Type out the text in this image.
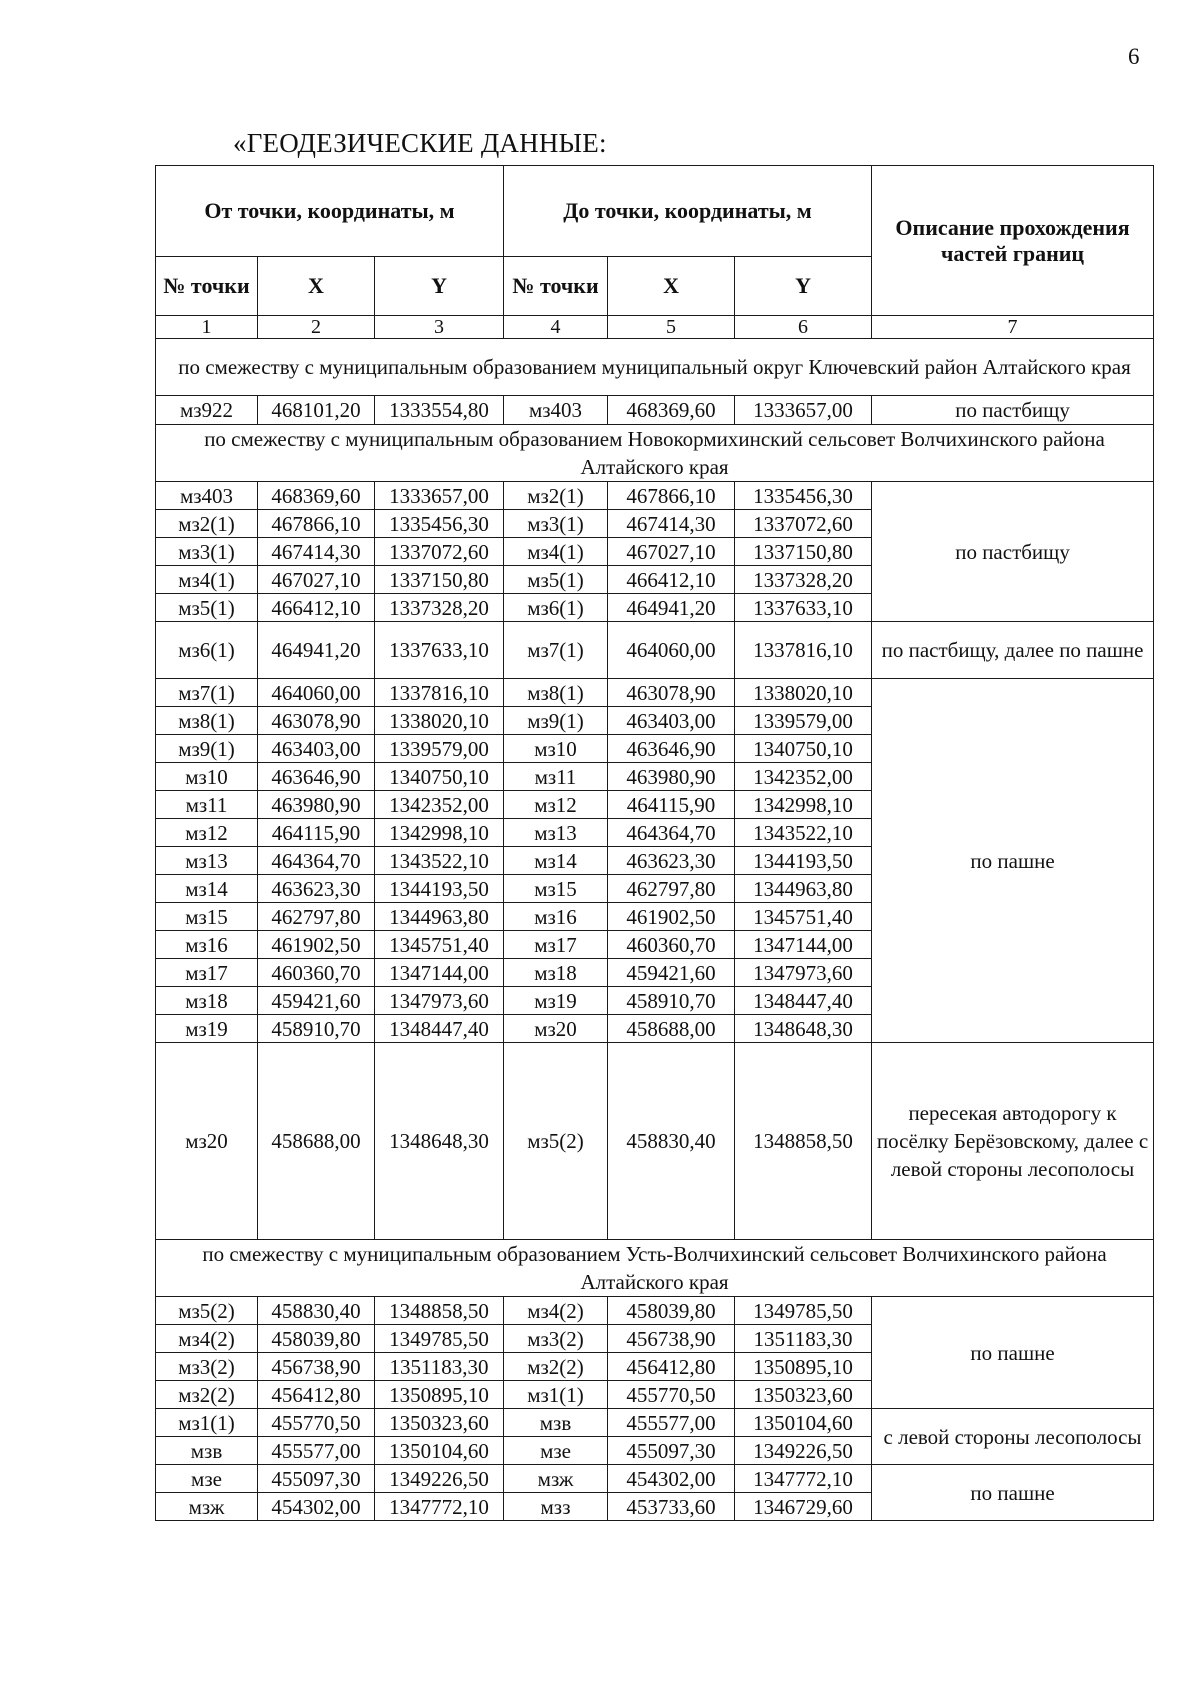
6
«ГЕОДЕЗИЧЕСКИЕ ДАННЫЕ:
От точки, координаты, м			До точки, координаты, м			Описание прохождения частей границ
№ точки	X	Y	№ точки	X	Y	
1	2	3	4	5	6	7
по смежеству с муниципальным образованием муниципальный округ Ключевский район Алтайского края						
мз922	468101,20	1333554,80	мз403	468369,60	1333657,00	по пастбищу
по смежеству с муниципальным образованием Новокормихинский сельсовет Волчихинского района Алтайского края						
мз403	468369,60	1333657,00	мз2(1)	467866,10	1335456,30	по пастбищу
мз2(1)	467866,10	1335456,30	мз3(1)	467414,30	1337072,60	
мз3(1)	467414,30	1337072,60	мз4(1)	467027,10	1337150,80	
мз4(1)	467027,10	1337150,80	мз5(1)	466412,10	1337328,20	
мз5(1)	466412,10	1337328,20	мз6(1)	464941,20	1337633,10	
мз6(1)	464941,20	1337633,10	мз7(1)	464060,00	1337816,10	по пастбищу, далее по пашне
мз7(1)	464060,00	1337816,10	мз8(1)	463078,90	1338020,10	по пашне
мз8(1)	463078,90	1338020,10	мз9(1)	463403,00	1339579,00	
мз9(1)	463403,00	1339579,00	мз10	463646,90	1340750,10	
мз10	463646,90	1340750,10	мз11	463980,90	1342352,00	
мз11	463980,90	1342352,00	мз12	464115,90	1342998,10	
мз12	464115,90	1342998,10	мз13	464364,70	1343522,10	
мз13	464364,70	1343522,10	мз14	463623,30	1344193,50	
мз14	463623,30	1344193,50	мз15	462797,80	1344963,80	
мз15	462797,80	1344963,80	мз16	461902,50	1345751,40	
мз16	461902,50	1345751,40	мз17	460360,70	1347144,00	
мз17	460360,70	1347144,00	мз18	459421,60	1347973,60	
мз18	459421,60	1347973,60	мз19	458910,70	1348447,40	
мз19	458910,70	1348447,40	мз20	458688,00	1348648,30	
мз20	458688,00	1348648,30	мз5(2)	458830,40	1348858,50	пересекая автодорогу к посёлку Берёзовскому, далее с левой стороны лесополосы
по смежеству с муниципальным образованием Усть-Волчихинский сельсовет Волчихинского района Алтайского края						
мз5(2)	458830,40	1348858,50	мз4(2)	458039,80	1349785,50	по пашне
мз4(2)	458039,80	1349785,50	мз3(2)	456738,90	1351183,30	
мз3(2)	456738,90	1351183,30	мз2(2)	456412,80	1350895,10	
мз2(2)	456412,80	1350895,10	мз1(1)	455770,50	1350323,60	
мз1(1)	455770,50	1350323,60	мзв	455577,00	1350104,60	с левой стороны лесополосы
мзв	455577,00	1350104,60	мзе	455097,30	1349226,50	
мзе	455097,30	1349226,50	мзж	454302,00	1347772,10	по пашне
мзж	454302,00	1347772,10	мзз	453733,60	1346729,60	
